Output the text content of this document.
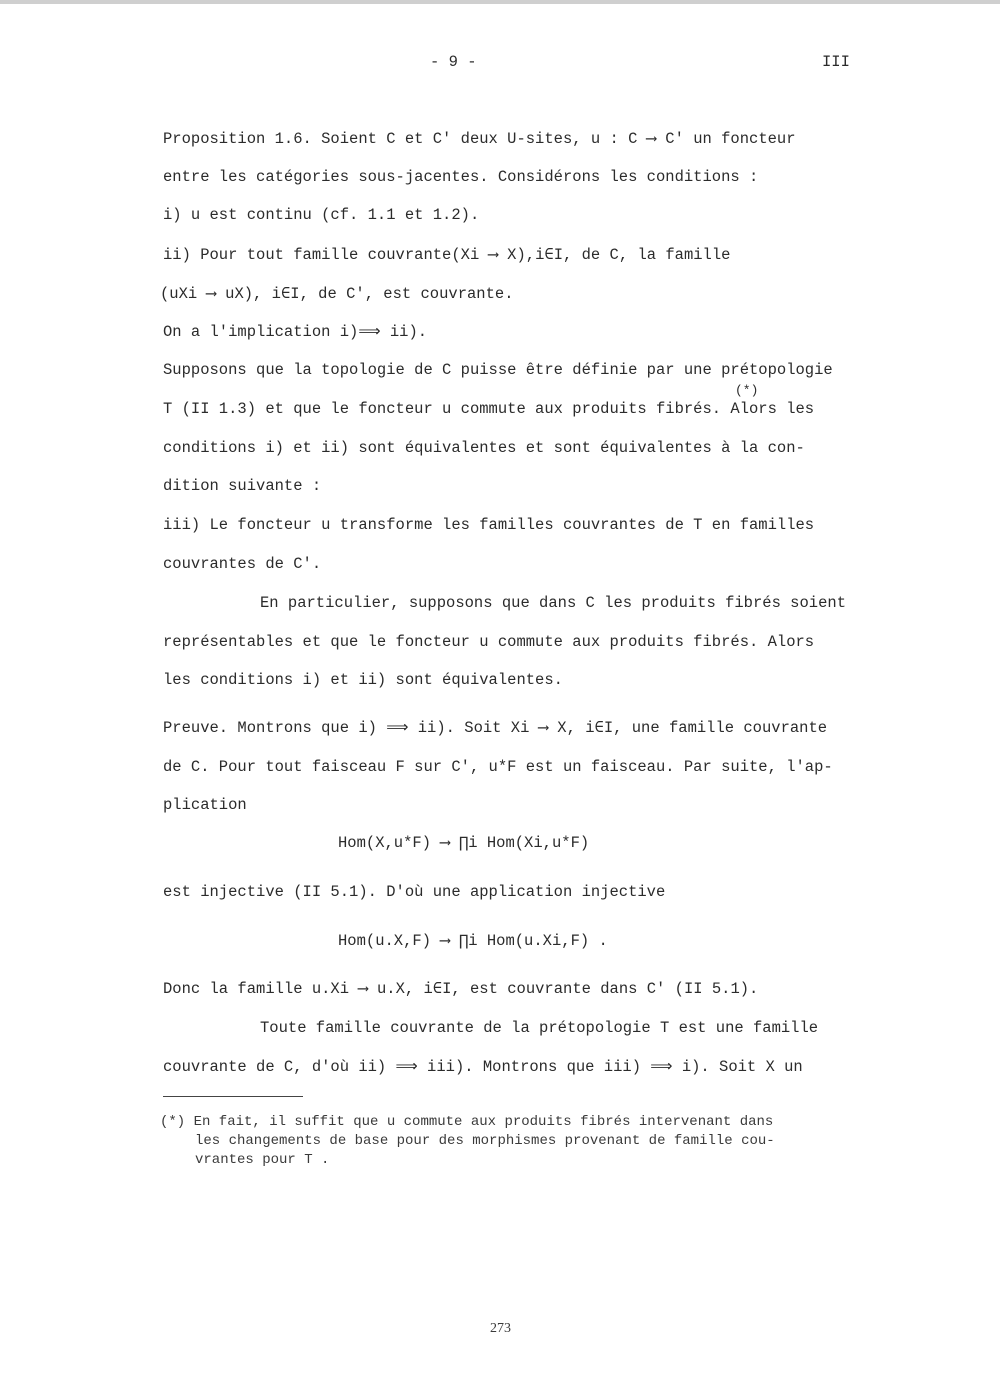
- 9 -	III
Proposition 1.6. Soient C et C' deux U-sites, u : C ⟶ C' un foncteur
entre les catégories sous-jacentes. Considérons les conditions :
i) u est continu (cf. 1.1 et 1.2).
ii) Pour tout famille couvrante(Xi ⟶ X),i∈I, de C, la famille
(uXi ⟶ uX), i∈I, de C', est couvrante.
On a l'implication i)⟹ ii).
Supposons que la topologie de C puisse être définie par une prétopologie
(*)
T (II 1.3) et que le foncteur u commute aux produits fibrés. Alors les
conditions i) et ii) sont équivalentes et sont équivalentes à la con-
dition suivante :
iii) Le foncteur u transforme les familles couvrantes de T en familles
couvrantes de C'.
En particulier, supposons que dans C les produits fibrés soient
représentables et que le foncteur u commute aux produits fibrés. Alors
les conditions i) et ii) sont équivalentes.
Preuve. Montrons que i) ⟹ ii). Soit Xi ⟶ X, i∈I, une famille couvrante
de C. Pour tout faisceau F sur C', u*F est un faisceau. Par suite, l'ap-
plication
Hom(X,u*F) ⟶ ∏i Hom(Xi,u*F)
est injective (II 5.1). D'où une application injective
Hom(u.X,F) ⟶ ∏i Hom(u.Xi,F) .
Donc la famille u.Xi ⟶ u.X, i∈I, est couvrante dans C' (II 5.1).
Toute famille couvrante de la prétopologie T est une famille
couvrante de C, d'où ii) ⟹ iii). Montrons que iii) ⟹ i). Soit X un
(*) En fait, il suffit que u commute aux produits fibrés intervenant dans
les changements de base pour des morphismes provenant de famille cou-
vrantes pour T .
273
